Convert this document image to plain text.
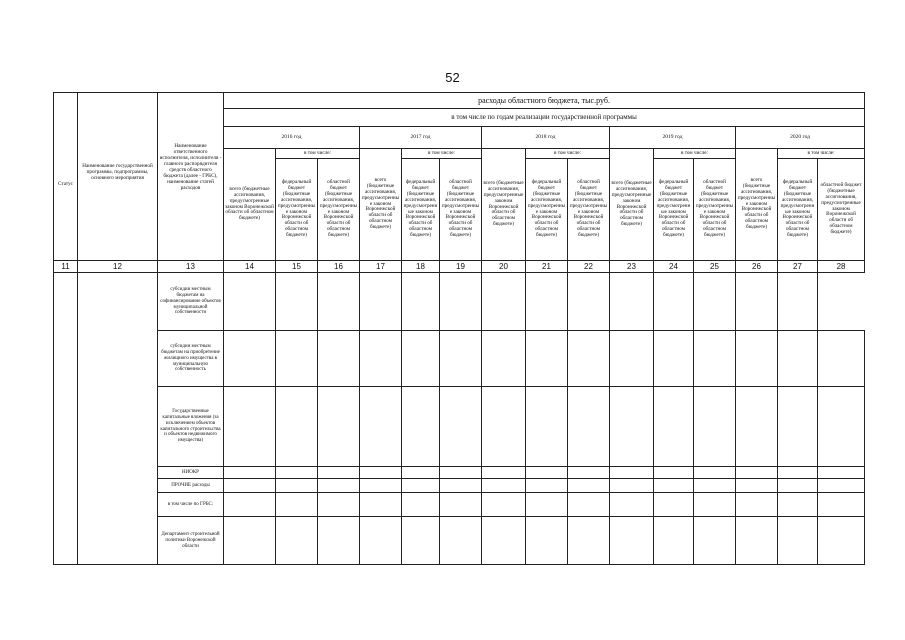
52
Статус	Наименование государственной программы, подпрограммы, основного мероприятия	Наименование ответственного исполнителя, исполнителя - главного распорядителя средств областного бюджета (далее - ГРБС), наименование статей расходов	расходы областного бюджета, тыс.руб.														
			в том числе по годам реализации государственной программы														
			2016 год			2017 год			2018 год			2019 год			2020 год		
			всего (бюджетные ассигнования, предусмотренные законом Воронежской области об областном бюджете)	в том числе:		всего (бюджетные ассигнования, предусмотренные законом Воронежской области об областном бюджете)	в том числе:		всего (бюджетные ассигнования, предусмотренные законом Воронежской области об областном бюджете)	в том числе:		всего (бюджетные ассигнования, предусмотренные законом Воронежской области об областном бюджете)	в том числе:		всего (бюджетные ассигнования, предусмотренные законом Воронежской области об областном бюджете)	в том числе:	
				федеральный бюджет (бюджетные ассигнования, предусмотренные законом Воронежской области об областном бюджете)	областной бюджет (бюджетные ассигнования, предусмотренные законом Воронежской области об областном бюджете)		федеральный бюджет (бюджетные ассигнования, предусмотренные законом Воронежской области об областном бюджете)	областной бюджет (бюджетные ассигнования, предусмотренные законом Воронежской области об областном бюджете)		федеральный бюджет (бюджетные ассигнования, предусмотренные законом Воронежской области об областном бюджете)	областной бюджет (бюджетные ассигнования, предусмотренные законом Воронежской области об областном бюджете)		федеральный бюджет (бюджетные ассигнования, предусмотренные законом Воронежской области об областном бюджете)	областной бюджет (бюджетные ассигнования, предусмотренные законом Воронежской области об областном бюджете)		федеральный бюджет (бюджетные ассигнования, предусмотренные законом Воронежской области об областном бюджете)	областной бюджет (бюджетные ассигнования, предусмотренные законом Воронежской области об областном бюджете)
11	12	13	14	15	16	17	18	19	20	21	22	23	24	25	26	27	28
		субсидии местным бюджетам на софинансирование объектов муниципальной собственности															
		субсидии местным бюджетам на приобретение жилищного имущества в муниципальную собственность															
		Государственные капитальные вложения (за исключением объектов капитального строительства и объектов недвижимого имущества)															
		НИОКР															
		ПРОЧИЕ расходы															
		в том числе по ГРБС:															
		Департамент строительной политики Воронежской области															
